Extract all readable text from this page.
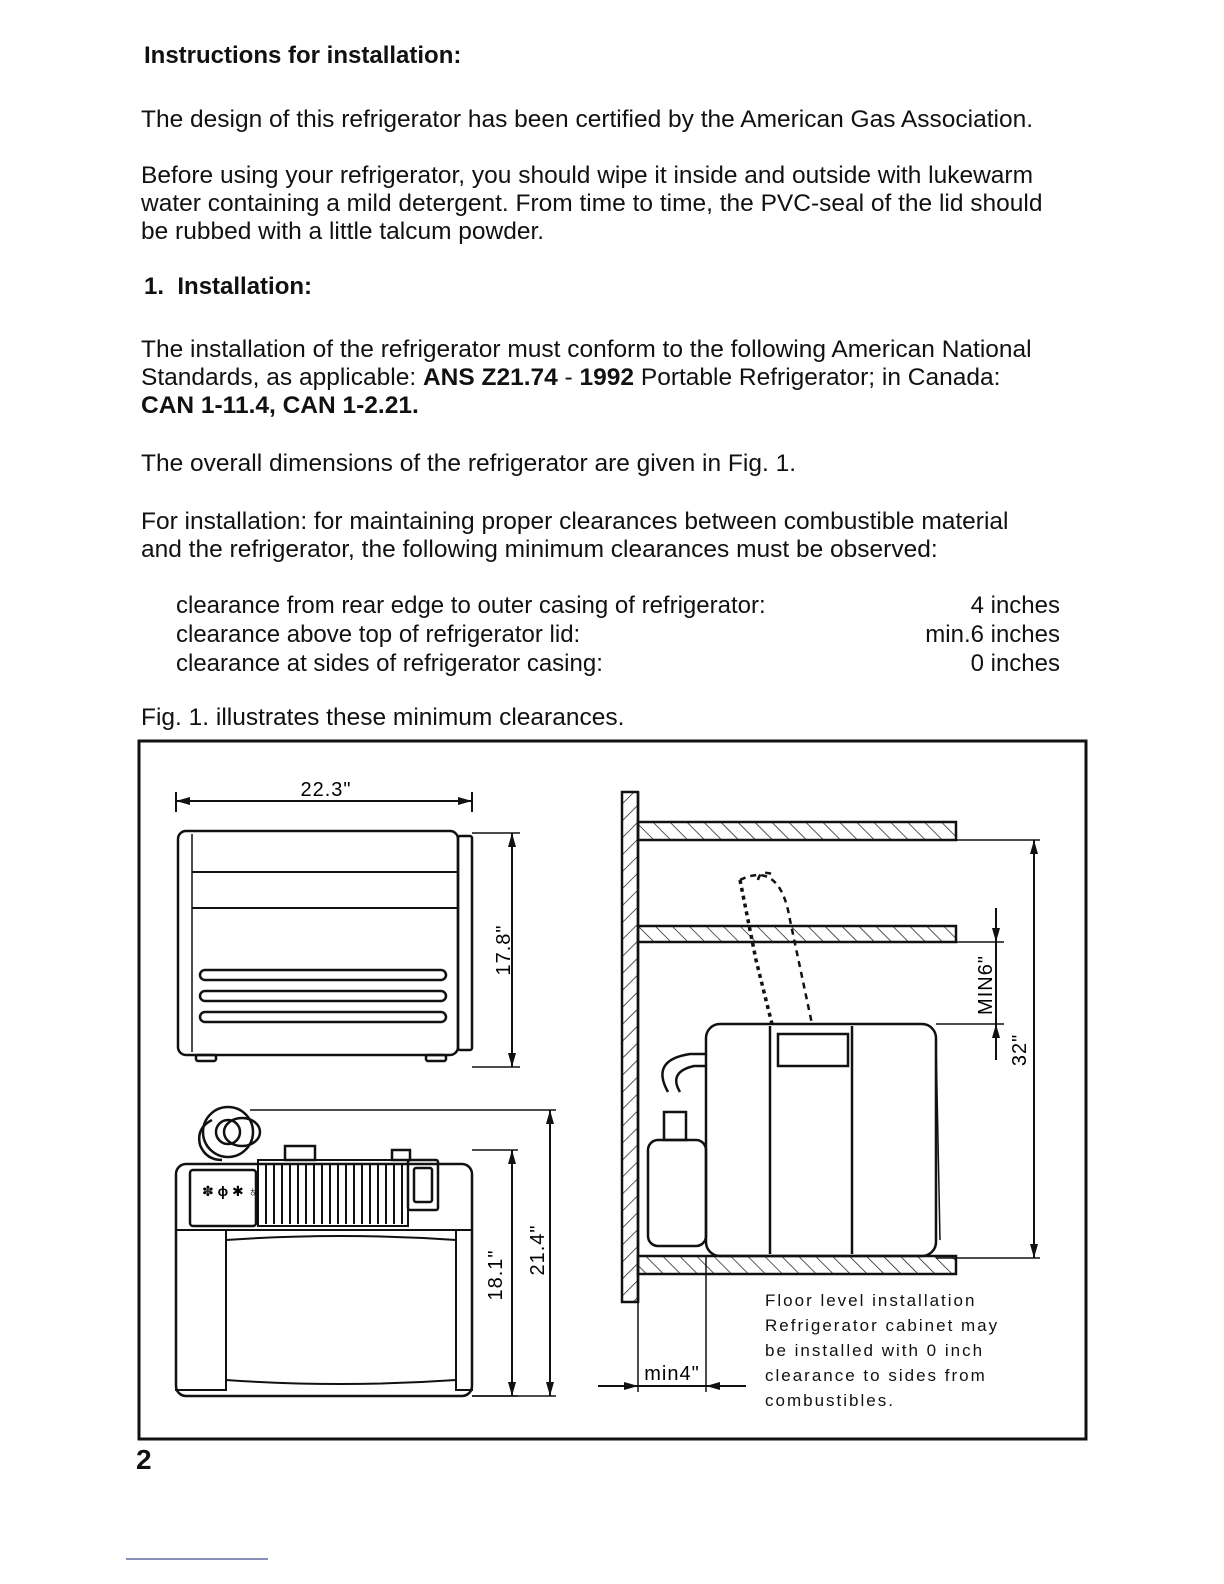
Instructions for installation:
The design of this refrigerator has been certified by the American Gas Association.
Before using your refrigerator, you should wipe it inside and outside with lukewarm
water containing a mild detergent. From time to time, the PVC-seal of the lid should
be rubbed with a little talcum powder.
1. Installation:
The installation of the refrigerator must conform to the following American National
Standards, as applicable: ANS Z21.74 - 1992 Portable Refrigerator; in Canada:
CAN 1-11.4, CAN 1-2.21.
The overall dimensions of the refrigerator are given in Fig. 1.
For installation: for maintaining proper clearances between combustible material
and the refrigerator, the following minimum clearances must be observed:
clearance from rear edge to outer casing of refrigerator:	4 inches
clearance above top of refrigerator lid:	min.6 inches
clearance at sides of refrigerator casing:	0 inches
Fig. 1. illustrates these minimum clearances.
22.3"
17.8"
✽ ϕ ✱ ♁
18.1" 21.4"
MIN6"
32"
min4"
Floor level installation
Refrigerator cabinet may
be installed with 0 inch
clearance to sides from
combustibles.
2
